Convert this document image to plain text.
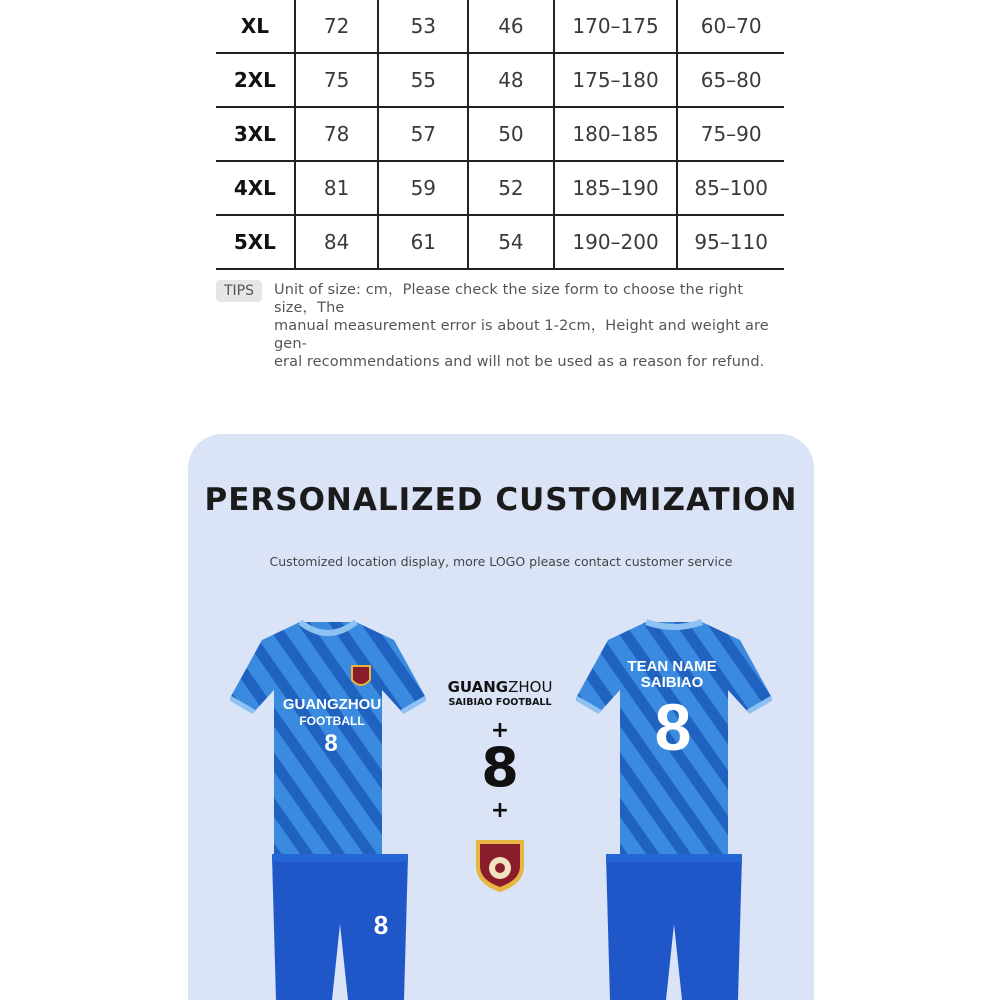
XL	72	53	46	170–175	60–70
2XL	75	55	48	175–180	65–80
3XL	78	57	50	180–185	75–90
4XL	81	59	52	185–190	85–100
5XL	84	61	54	190–200	95–110
TIPS	Unit of size: cm，Please check the size form to choose the right size，The
manual measurement error is about 1-2cm，Height and weight are gen-
eral recommendations and will not be used as a reason for refund.
PERSONALIZED CUSTOMIZATION
Customized location display, more LOGO please contact customer service
GUANGZHOU
FOOTBALL
8
8
GUANGZHOU
SAIBIAO FOOTBALL
+
8
+
TEAN NAME
SAIBIAO
8
